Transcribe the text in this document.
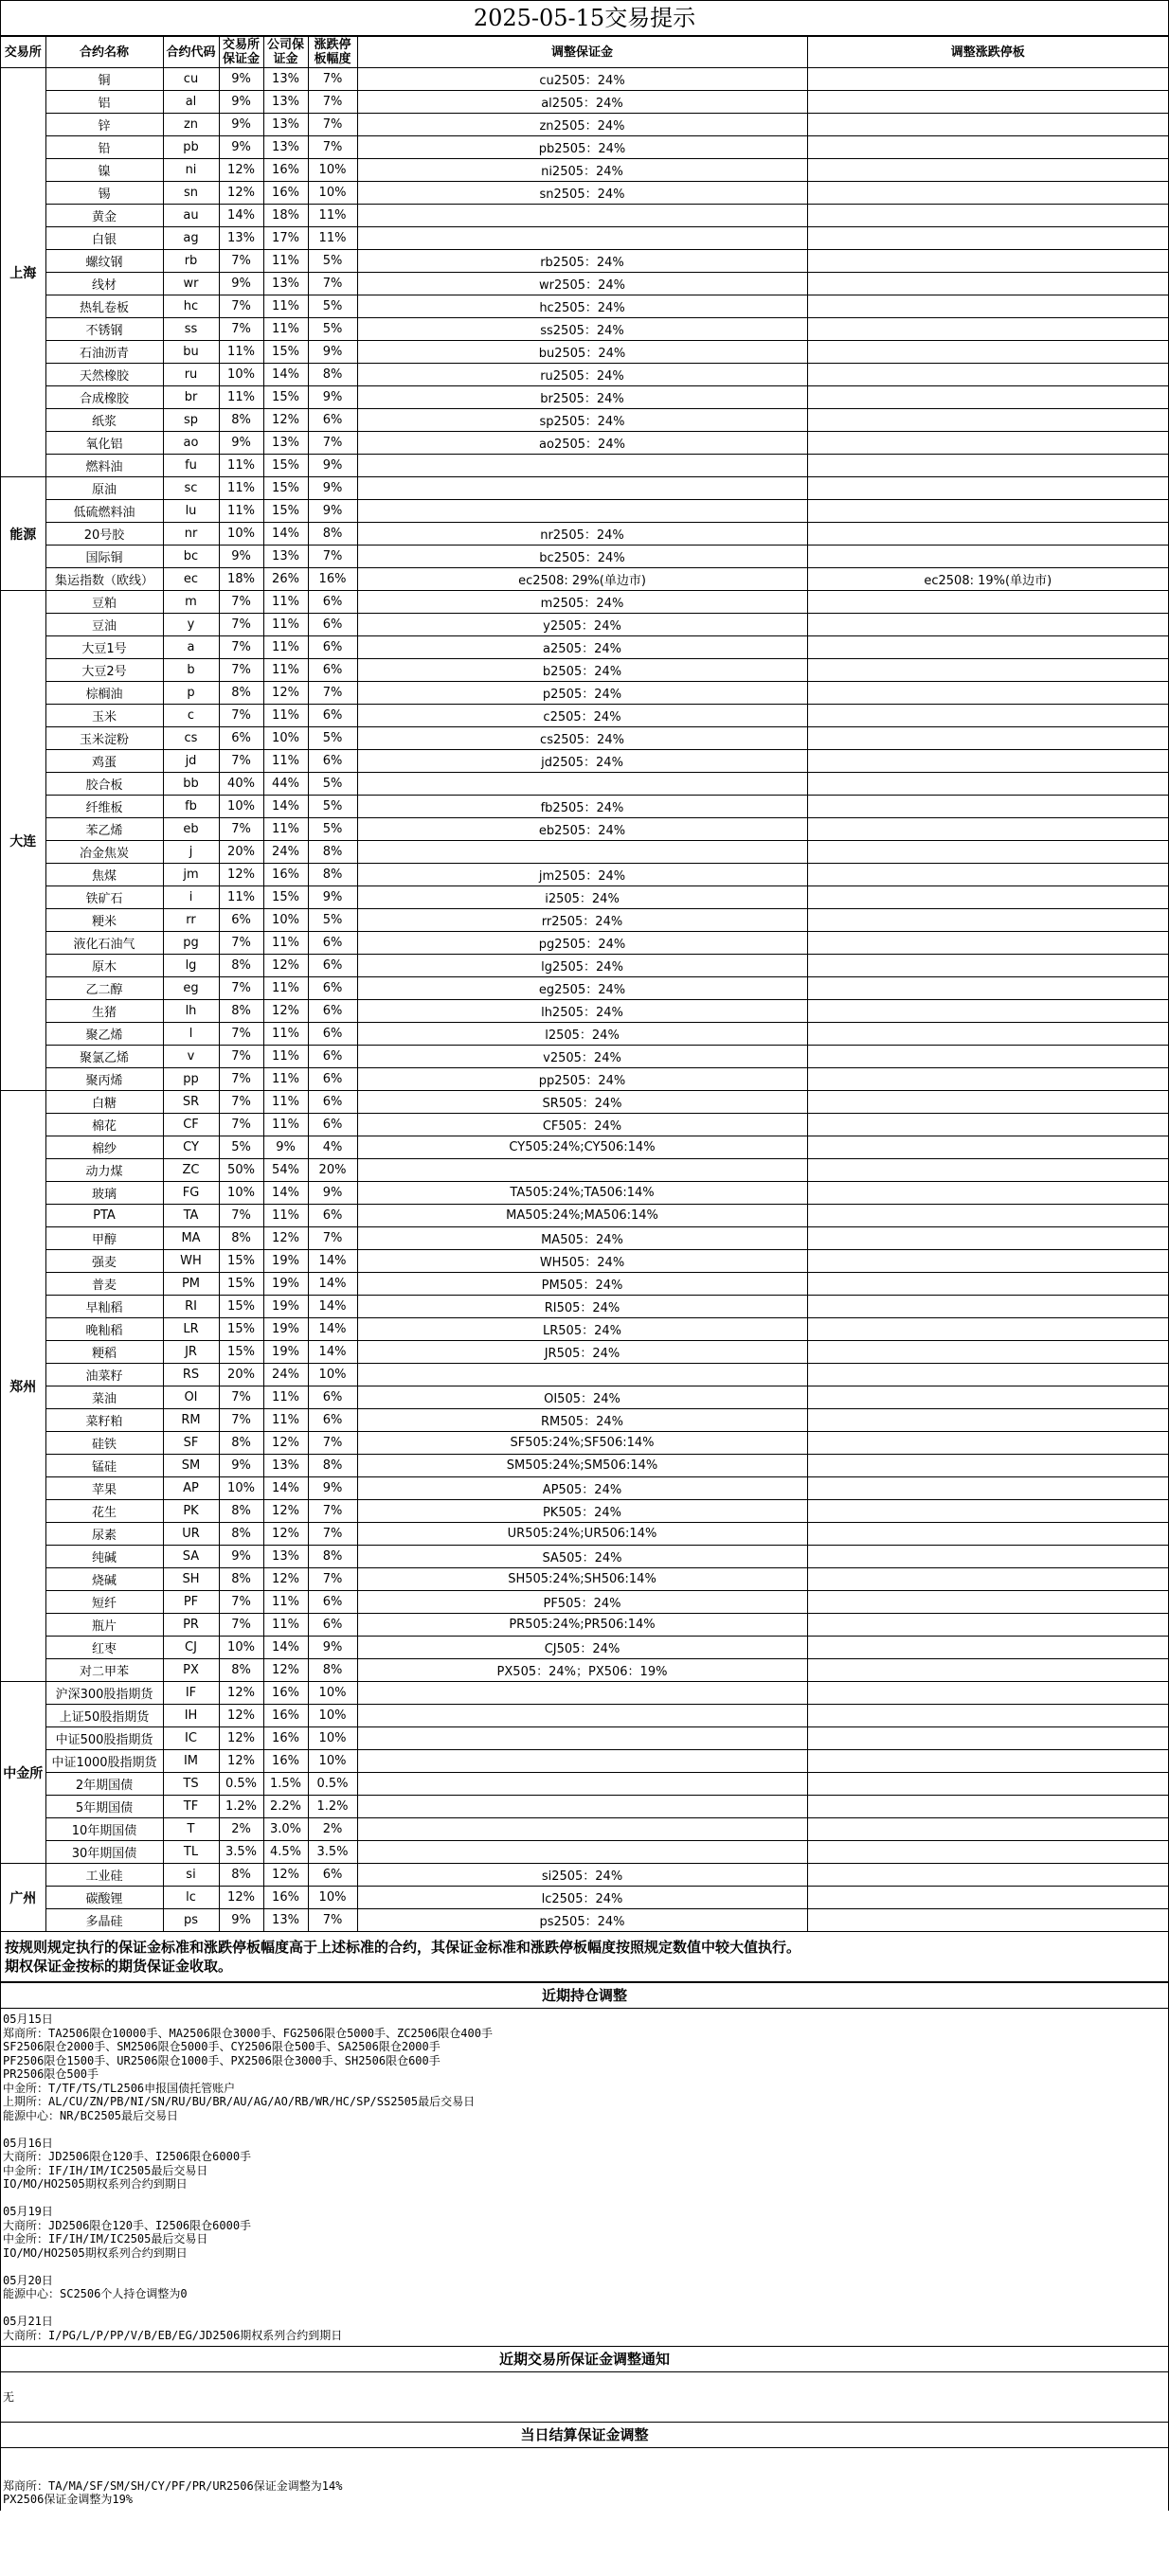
2025-05-15交易提示
交易所	合约名称	合约代码	交易所保证金	公司保证金	涨跌停板幅度	调整保证金	调整涨跌停板
上海	铜	cu	9%	13%	7%	cu2505：24%	
	铝	al	9%	13%	7%	al2505：24%	
	锌	zn	9%	13%	7%	zn2505：24%	
	铅	pb	9%	13%	7%	pb2505：24%	
	镍	ni	12%	16%	10%	ni2505：24%	
	锡	sn	12%	16%	10%	sn2505：24%	
	黄金	au	14%	18%	11%		
	白银	ag	13%	17%	11%		
	螺纹钢	rb	7%	11%	5%	rb2505：24%	
	线材	wr	9%	13%	7%	wr2505：24%	
	热轧卷板	hc	7%	11%	5%	hc2505：24%	
	不锈钢	ss	7%	11%	5%	ss2505：24%	
	石油沥青	bu	11%	15%	9%	bu2505：24%	
	天然橡胶	ru	10%	14%	8%	ru2505：24%	
	合成橡胶	br	11%	15%	9%	br2505：24%	
	纸浆	sp	8%	12%	6%	sp2505：24%	
	氧化铝	ao	9%	13%	7%	ao2505：24%	
	燃料油	fu	11%	15%	9%		
能源	原油	sc	11%	15%	9%		
	低硫燃料油	lu	11%	15%	9%		
	20号胶	nr	10%	14%	8%	nr2505：24%	
	国际铜	bc	9%	13%	7%	bc2505：24%	
	集运指数（欧线）	ec	18%	26%	16%	ec2508: 29%(单边市)	ec2508: 19%(单边市)
大连	豆粕	m	7%	11%	6%	m2505：24%	
	豆油	y	7%	11%	6%	y2505：24%	
	大豆1号	a	7%	11%	6%	a2505：24%	
	大豆2号	b	7%	11%	6%	b2505：24%	
	棕榈油	p	8%	12%	7%	p2505：24%	
	玉米	c	7%	11%	6%	c2505：24%	
	玉米淀粉	cs	6%	10%	5%	cs2505：24%	
	鸡蛋	jd	7%	11%	6%	jd2505：24%	
	胶合板	bb	40%	44%	5%		
	纤维板	fb	10%	14%	5%	fb2505：24%	
	苯乙烯	eb	7%	11%	5%	eb2505：24%	
	冶金焦炭	j	20%	24%	8%		
	焦煤	jm	12%	16%	8%	jm2505：24%	
	铁矿石	i	11%	15%	9%	i2505：24%	
	粳米	rr	6%	10%	5%	rr2505：24%	
	液化石油气	pg	7%	11%	6%	pg2505：24%	
	原木	lg	8%	12%	6%	lg2505：24%	
	乙二醇	eg	7%	11%	6%	eg2505：24%	
	生猪	lh	8%	12%	6%	lh2505：24%	
	聚乙烯	l	7%	11%	6%	l2505：24%	
	聚氯乙烯	v	7%	11%	6%	v2505：24%	
	聚丙烯	pp	7%	11%	6%	pp2505：24%	
郑州	白糖	SR	7%	11%	6%	SR505：24%	
	棉花	CF	7%	11%	6%	CF505：24%	
	棉纱	CY	5%	9%	4%	CY505:24%;CY506:14%	
	动力煤	ZC	50%	54%	20%		
	玻璃	FG	10%	14%	9%	TA505:24%;TA506:14%	
	PTA	TA	7%	11%	6%	MA505:24%;MA506:14%	
	甲醇	MA	8%	12%	7%	MA505：24%	
	强麦	WH	15%	19%	14%	WH505：24%	
	普麦	PM	15%	19%	14%	PM505：24%	
	早籼稻	RI	15%	19%	14%	RI505：24%	
	晚籼稻	LR	15%	19%	14%	LR505：24%	
	粳稻	JR	15%	19%	14%	JR505：24%	
	油菜籽	RS	20%	24%	10%		
	菜油	OI	7%	11%	6%	OI505：24%	
	菜籽粕	RM	7%	11%	6%	RM505：24%	
	硅铁	SF	8%	12%	7%	SF505:24%;SF506:14%	
	锰硅	SM	9%	13%	8%	SM505:24%;SM506:14%	
	苹果	AP	10%	14%	9%	AP505：24%	
	花生	PK	8%	12%	7%	PK505：24%	
	尿素	UR	8%	12%	7%	UR505:24%;UR506:14%	
	纯碱	SA	9%	13%	8%	SA505：24%	
	烧碱	SH	8%	12%	7%	SH505:24%;SH506:14%	
	短纤	PF	7%	11%	6%	PF505：24%	
	瓶片	PR	7%	11%	6%	PR505:24%;PR506:14%	
	红枣	CJ	10%	14%	9%	CJ505：24%	
	对二甲苯	PX	8%	12%	8%	PX505：24%；PX506：19%	
中金所	沪深300股指期货	IF	12%	16%	10%		
	上证50股指期货	IH	12%	16%	10%		
	中证500股指期货	IC	12%	16%	10%		
	中证1000股指期货	IM	12%	16%	10%		
	2年期国债	TS	0.5%	1.5%	0.5%		
	5年期国债	TF	1.2%	2.2%	1.2%		
	10年期国债	T	2%	3.0%	2%		
	30年期国债	TL	3.5%	4.5%	3.5%		
广州	工业硅	si	8%	12%	6%	si2505：24%	
	碳酸锂	lc	12%	16%	10%	lc2505：24%	
	多晶硅	ps	9%	13%	7%	ps2505：24%	
按规则规定执行的保证金标准和涨跌停板幅度高于上述标准的合约，其保证金标准和涨跌停板幅度按照规定数值中较大值执行。
期权保证金按标的期货保证金收取。
近期持仓调整
05月15日
郑商所：TA2506限仓10000手、MA2506限仓3000手、FG2506限仓5000手、ZC2506限仓400手
SF2506限仓2000手、SM2506限仓5000手、CY2506限仓500手、SA2506限仓2000手
PF2506限仓1500手、UR2506限仓1000手、PX2506限仓3000手、SH2506限仓600手
PR2506限仓500手
中金所：T/TF/TS/TL2506申报国债托管账户
上期所：AL/CU/ZN/PB/NI/SN/RU/BU/BR/AU/AG/AO/RB/WR/HC/SP/SS2505最后交易日
能源中心：NR/BC2505最后交易日
05月16日
大商所：JD2506限仓120手、I2506限仓6000手
中金所：IF/IH/IM/IC2505最后交易日
IO/MO/HO2505期权系列合约到期日
05月19日
大商所：JD2506限仓120手、I2506限仓6000手
中金所：IF/IH/IM/IC2505最后交易日
IO/MO/HO2505期权系列合约到期日
05月20日
能源中心：SC2506个人持仓调整为0
05月21日
大商所：I/PG/L/P/PP/V/B/EB/EG/JD2506期权系列合约到期日
近期交易所保证金调整通知
无
当日结算保证金调整
郑商所：TA/MA/SF/SM/SH/CY/PF/PR/UR2506保证金调整为14%
PX2506保证金调整为19%
